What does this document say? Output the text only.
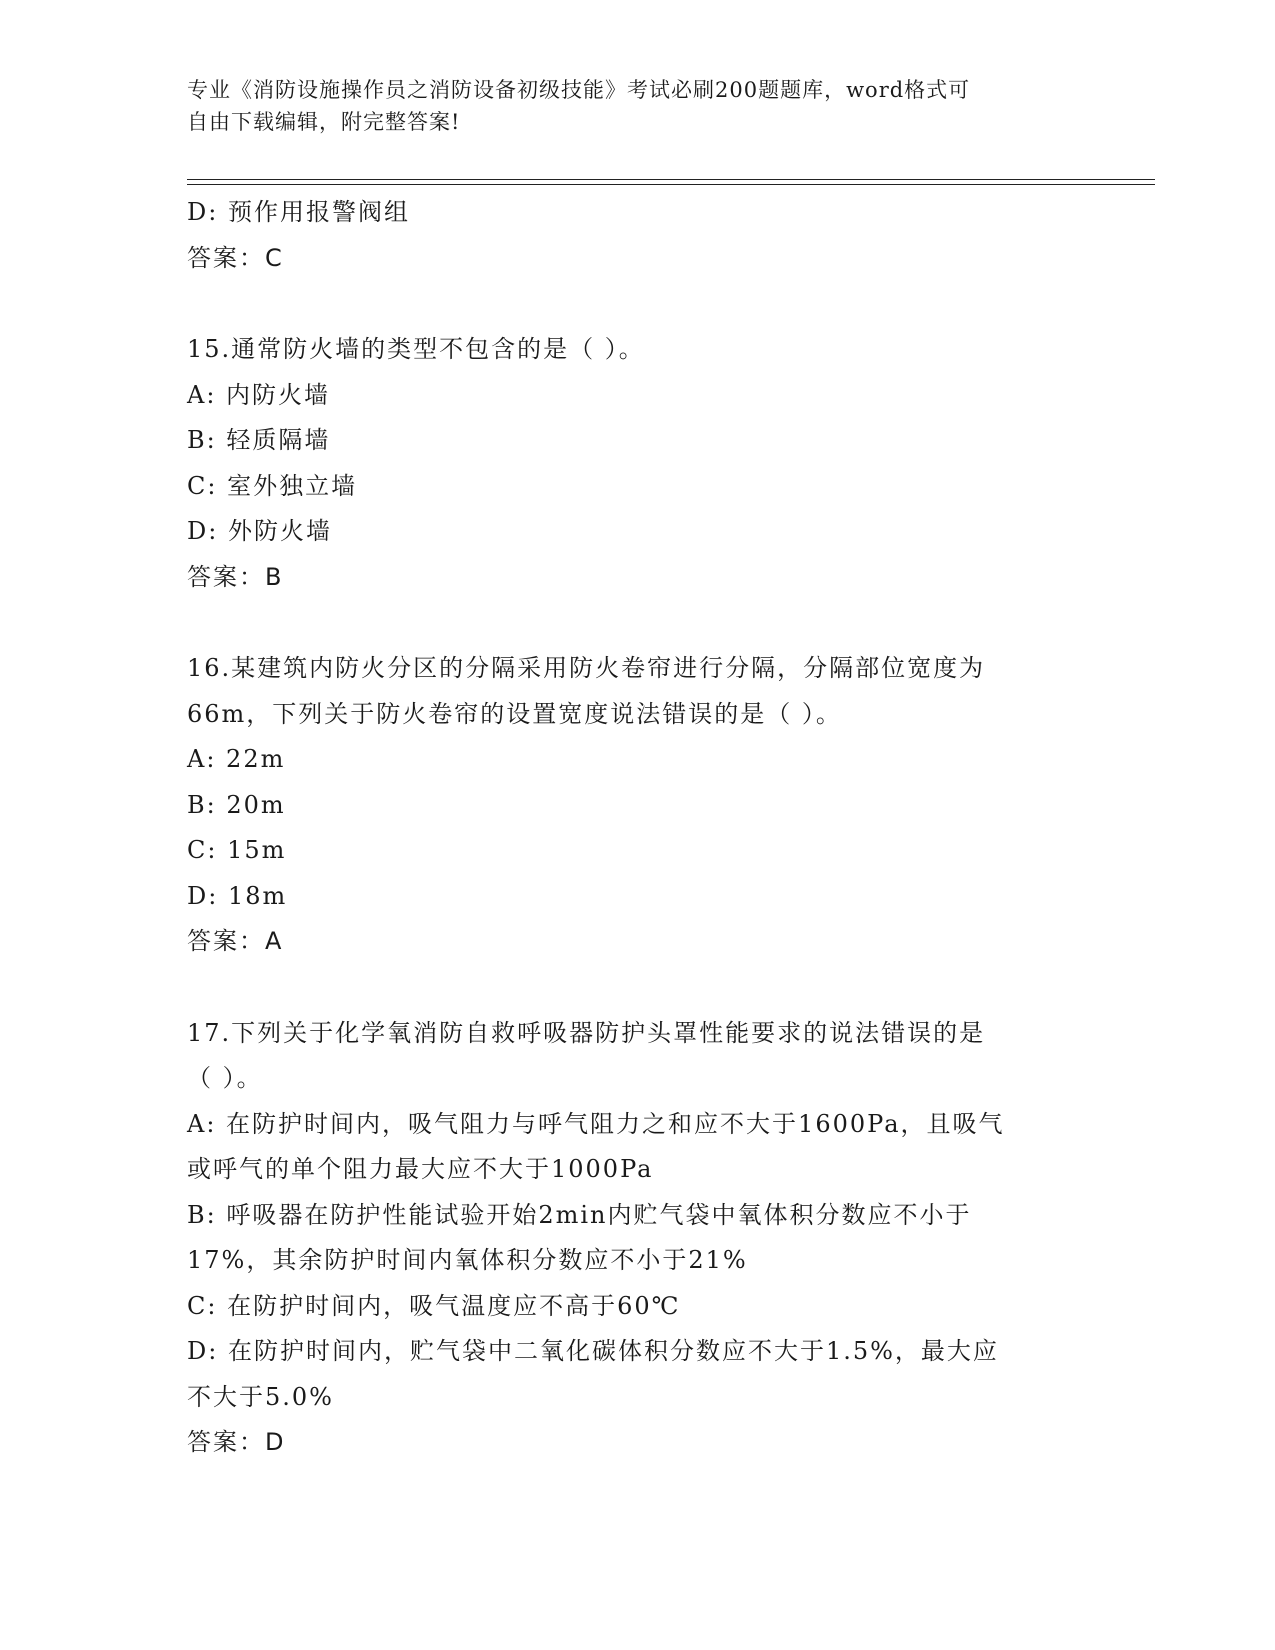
专业《消防设施操作员之消防设备初级技能》考试必刷200题题库，word格式可
自由下载编辑，附完整答案!
D: 预作用报警阀组
答案：C
15.通常防火墙的类型不包含的是（ ）。
A: 内防火墙
B: 轻质隔墙
C: 室外独立墙
D: 外防火墙
答案：B
16.某建筑内防火分区的分隔采用防火卷帘进行分隔，分隔部位宽度为
66m，下列关于防火卷帘的设置宽度说法错误的是（ ）。
A: 22m
B: 20m
C: 15m
D: 18m
答案：A
17.下列关于化学氧消防自救呼吸器防护头罩性能要求的说法错误的是
（ ）。
A: 在防护时间内，吸气阻力与呼气阻力之和应不大于1600Pa，且吸气
或呼气的单个阻力最大应不大于1000Pa
B: 呼吸器在防护性能试验开始2min内贮气袋中氧体积分数应不小于
17%，其余防护时间内氧体积分数应不小于21%
C: 在防护时间内，吸气温度应不高于60℃
D: 在防护时间内，贮气袋中二氧化碳体积分数应不大于1.5%，最大应
不大于5.0%
答案：D
